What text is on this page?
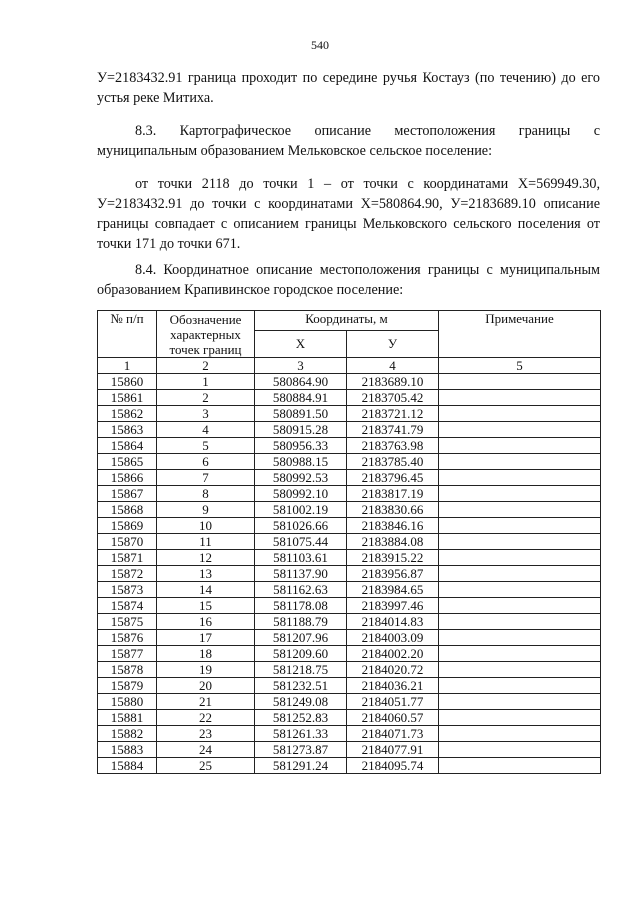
540

У=2183432.91 граница проходит по середине ручья Костауз (по течению) до его устья реке Митиха.

8.3. Картографическое описание местоположения границы с муниципальным образованием Мельковское сельское поселение:

от точки 2118 до точки 1 – от точки с координатами Х=569949.30, У=2183432.91 до точки с координатами Х=580864.90, У=2183689.10 описание границы совпадает с описанием границы Мельковского сельского поселения от точки 171 до точки 671.

8.4. Координатное описание местоположения границы с муниципальным образованием Крапивинское городское поселение:

№ п/п	Обозначение характерных точек границ	Координаты, м		Примечание
		Х	У	
1	2	3	4	5
15860	1	580864.90	2183689.10	
15861	2	580884.91	2183705.42	
15862	3	580891.50	2183721.12	
15863	4	580915.28	2183741.79	
15864	5	580956.33	2183763.98	
15865	6	580988.15	2183785.40	
15866	7	580992.53	2183796.45	
15867	8	580992.10	2183817.19	
15868	9	581002.19	2183830.66	
15869	10	581026.66	2183846.16	
15870	11	581075.44	2183884.08	
15871	12	581103.61	2183915.22	
15872	13	581137.90	2183956.87	
15873	14	581162.63	2183984.65	
15874	15	581178.08	2183997.46	
15875	16	581188.79	2184014.83	
15876	17	581207.96	2184003.09	
15877	18	581209.60	2184002.20	
15878	19	581218.75	2184020.72	
15879	20	581232.51	2184036.21	
15880	21	581249.08	2184051.77	
15881	22	581252.83	2184060.57	
15882	23	581261.33	2184071.73	
15883	24	581273.87	2184077.91	
15884	25	581291.24	2184095.74	
